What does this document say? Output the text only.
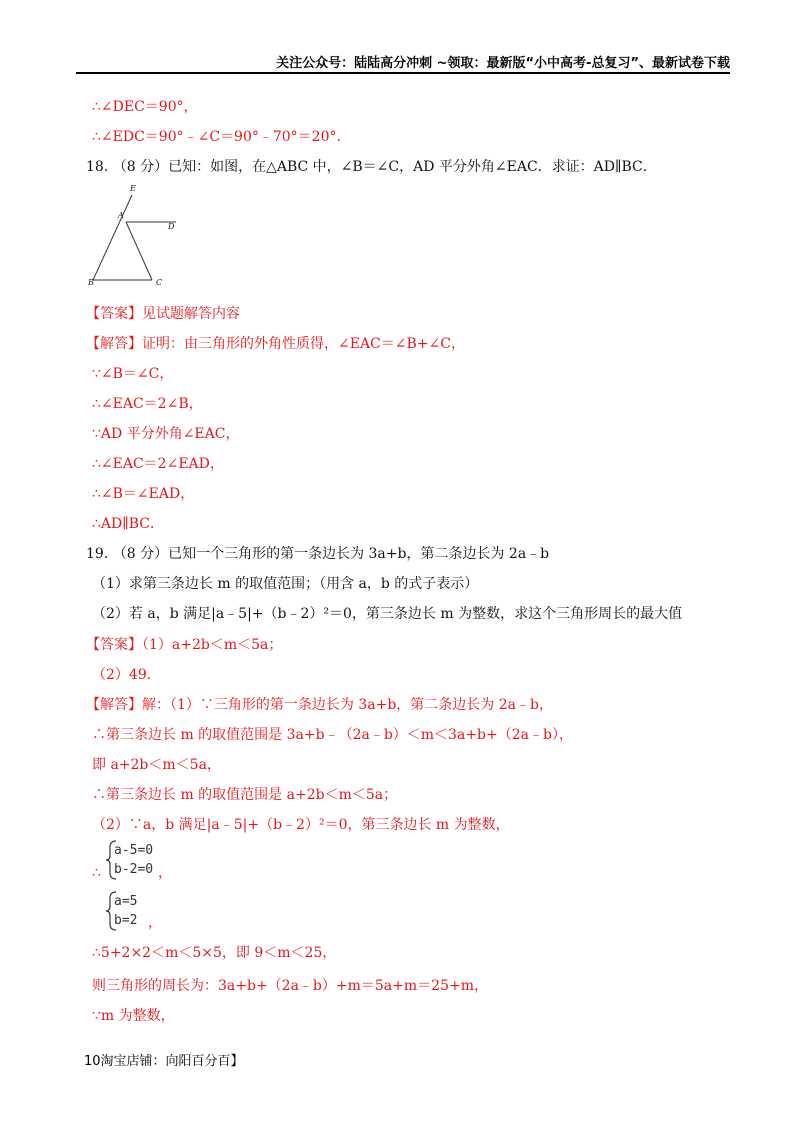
关注公众号：陆陆高分冲刺 ~领取：最新版“小中高考-总复习”、最新试卷下载
∴∠DEC＝90°，
∴∠EDC＝90°﹣∠C＝90°﹣70°＝20°.
18. （8 分）已知：如图，在△ABC 中，∠B＝∠C，AD 平分外角∠EAC．求证：AD∥BC．
E
A
D
B	C
【答案】见试题解答内容
【解答】证明：由三角形的外角性质得，∠EAC＝∠B+∠C，
∵∠B＝∠C，
∴∠EAC＝2∠B，
∵AD 平分外角∠EAC，
∴∠EAC＝2∠EAD，
∴∠B＝∠EAD，
∴AD∥BC．
19. （8 分）已知一个三角形的第一条边长为 3a+b，第二条边长为 2a﹣b
（1）求第三条边长 m 的取值范围；（用含 a，b 的式子表示）
（2）若 a，b 满足|a﹣5|+（b﹣2）²＝0，第三条边长 m 为整数，求这个三角形周长的最大值
【答案】（1）a+2b＜m＜5a；
（2）49．
【解答】解：（1）∵三角形的第一条边长为 3a+b，第二条边长为 2a﹣b，
∴第三条边长 m 的取值范围是 3a+b﹣（2a﹣b）＜m＜3a+b+（2a﹣b），
即 a+2b＜m＜5a，
∴第三条边长 m 的取值范围是 a+2b＜m＜5a；
（2）∵a，b 满足|a﹣5|+（b﹣2）²＝0，第三条边长 m 为整数，
∴
a-5=0
b-2=0 ，
a=5
b=2 ，
∴5+2×2＜m＜5×5，即 9＜m＜25，
则三角形的周长为：3a+b+（2a﹣b）+m＝5a+m＝25+m，
∵m 为整数，
10淘宝店铺：向阳百分百】
